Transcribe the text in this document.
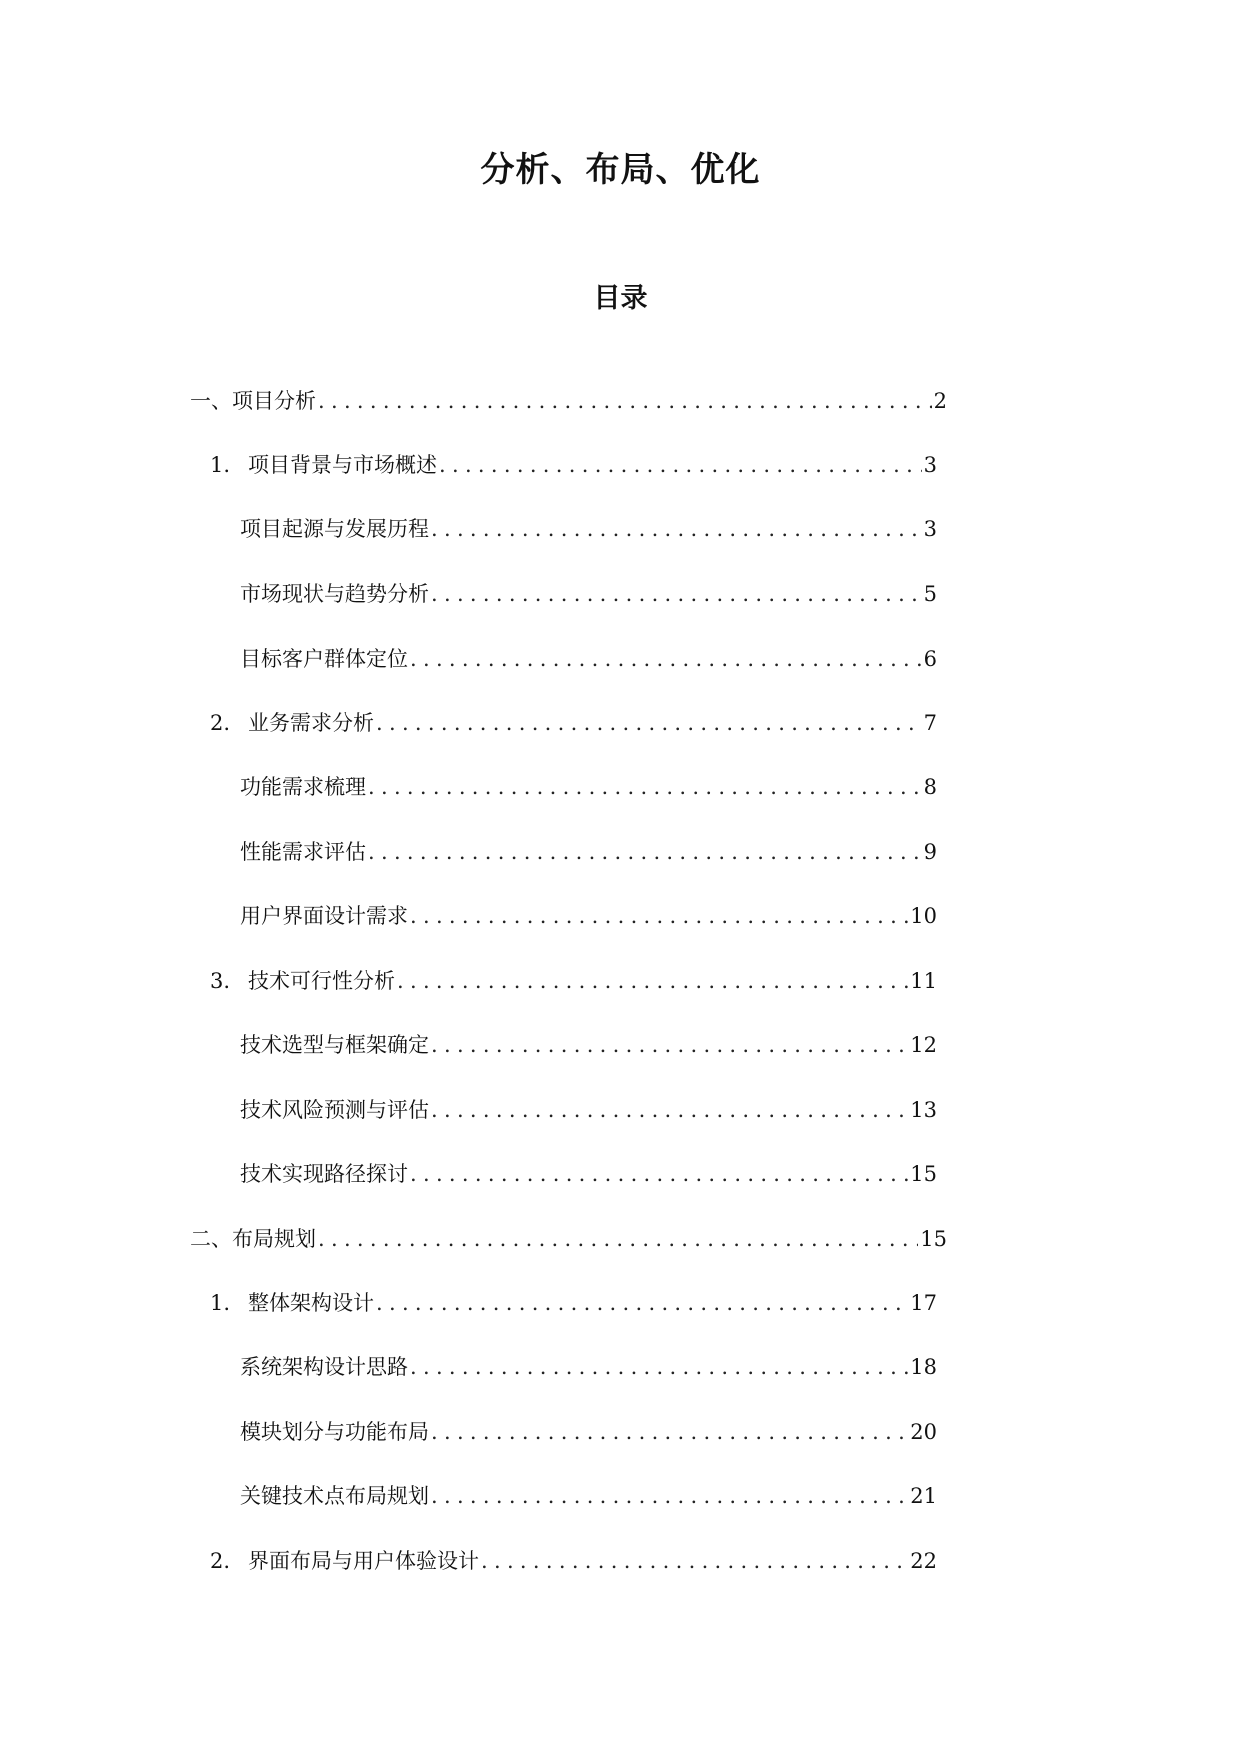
分析、布局、优化
目录
一、项目分析 .....	2
1. 项目背景与市场概述 .....	3
项目起源与发展历程 .....	3
市场现状与趋势分析 .....	5
目标客户群体定位 .....	6
2. 业务需求分析 .....	7
功能需求梳理 .....	8
性能需求评估 .....	9
用户界面设计需求 .....	10
3. 技术可行性分析 .....	11
技术选型与框架确定 .....	12
技术风险预测与评估 .....	13
技术实现路径探讨 .....	15
二、布局规划 .....	15
1. 整体架构设计 .....	17
系统架构设计思路 .....	18
模块划分与功能布局 .....	20
关键技术点布局规划 .....	21
2. 界面布局与用户体验设计 .....	22
